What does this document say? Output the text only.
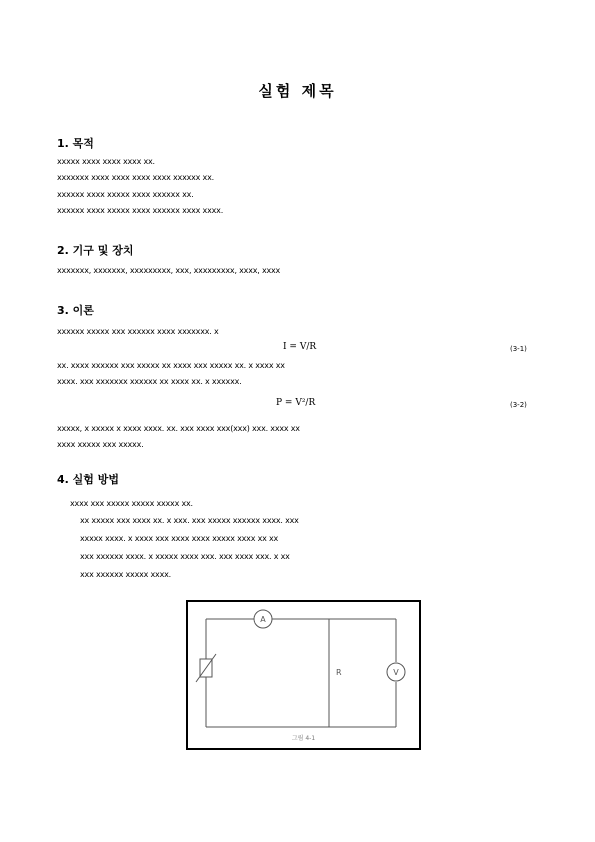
실험 제목
1. 목적
xxxxx xxxx xxxx xxxx xx.
xxxxxxx xxxx xxxx xxxx xxxx xxxxxx xx.
xxxxxx xxxx xxxxx xxxx xxxxxx xx.
xxxxxx xxxx xxxxx xxxx xxxxxx xxxx xxxx.
2. 기구 및 장치
xxxxxxx, xxxxxxx, xxxxxxxxx, xxx, xxxxxxxxx, xxxx, xxxx
3. 이론
xxxxxx xxxxx xxx xxxxxx xxxx xxxxxxx. x
I = V/R	(3-1)
xx. xxxx xxxxxx xxx xxxxx xx xxxx xxx xxxxx xx. x xxxx xx
xxxx. xxx xxxxxxx xxxxxx xx xxxx xx. x xxxxxx.
P = V²/R	(3-2)
xxxxx, x xxxxx x xxxx xxxx. xx. xxx xxxx xxx(xxx) xxx. xxxx xx
xxxx xxxxx xxx xxxxx.
4. 실험 방법
xxxx xxx xxxxx xxxxx xxxxx xx.
xx xxxxx xxx xxxx xx. x xxx. xxx xxxxx xxxxxx xxxx. xxx
xxxxx xxxx. x xxxx xxx xxxx xxxx xxxxx xxxx xx xx
xxx xxxxxx xxxx. x xxxxx xxxx xxx. xxx xxxx xxx. x xx
xxx xxxxxx xxxxx xxxx.
A
V
R
그림 4-1
